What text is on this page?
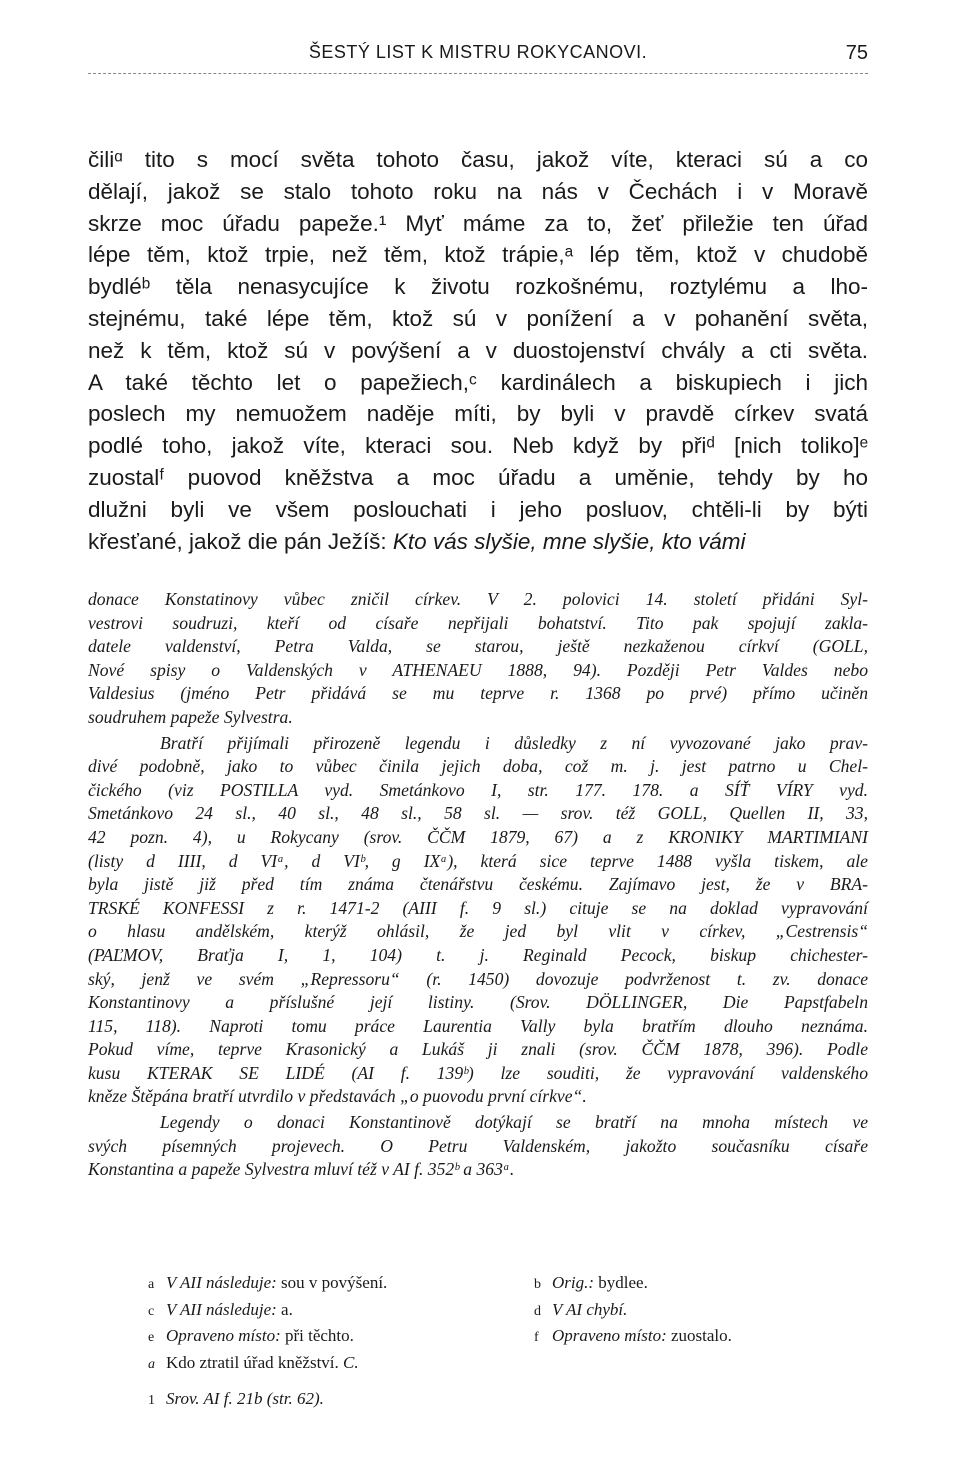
ŠESTÝ LIST K MISTRU ROKYCANOVI.	75
čiliᵅ tito s mocí světa tohoto času, jakož víte, kteraci sú a co
dělají, jakož se stalo tohoto roku na nás v Čechách i v Moravě
skrze moc úřadu papeže.¹ Myť máme za to, žeť přiležie ten úřad
lépe těm, ktož trpie, než těm, ktož trápie,ᵃ lép těm, ktož v chudobě
bydléᵇ těla nenasycujíce k životu rozkošnému, roztylému a lho-
stejnému, také lépe těm, ktož sú v ponížení a v pohanění světa,
než k těm, ktož sú v povýšení a v duostojenství chvály a cti světa.
A také těchto let o papežiech,ᶜ kardinálech a biskupiech i jich
poslech my nemuožem naděje míti, by byli v pravdě církev svatá
podlé toho, jakož víte, kteraci sou. Neb když by přiᵈ [nich toliko]ᵉ
zuostalᶠ puovod kněžstva a moc úřadu a uměnie, tehdy by ho
dlužni byli ve všem poslouchati i jeho posluov, chtěli-li by býti
křesťané, jakož die pán Ježíš: Kto vás slyšie, mne slyšie, kto vámi
donace Konstatinovy vůbec zničil církev. V 2. polovici 14. století přidáni Syl-
vestrovi soudruzi, kteří od císaře nepřijali bohatství. Tito pak spojují zakla-
datele valdenství, Petra Valda, se starou, ještě nezkaženou církví (GOLL,
Nové spisy o Valdenských v ATHENAEU 1888, 94). Později Petr Valdes nebo
Valdesius (jméno Petr přidává se mu teprve r. 1368 po prvé) přímo učiněn
soudruhem papeže Sylvestra.
Bratří přijímali přirozeně legendu i důsledky z ní vyvozované jako prav-
divé podobně, jako to vůbec činila jejich doba, což m. j. jest patrno u Chel-
čického (viz POSTILLA vyd. Smetánkovo I, str. 177. 178. a SÍŤ VÍRY vyd.
Smetánkovo 24 sl., 40 sl., 48 sl., 58 sl. — srov. též GOLL, Quellen II, 33,
42 pozn. 4), u Rokycany (srov. ČČM 1879, 67) a z KRONIKY MARTIMIANI
(listy d IIII, d VIᵃ, d VIᵇ, g IXᵃ), která sice teprve 1488 vyšla tiskem, ale
byla jistě již před tím známa čtenářstvu českému. Zajímavo jest, že v BRA-
TRSKÉ KONFESSI z r. 1471-2 (AIII f. 9 sl.) cituje se na doklad vypravování
o hlasu andělském, kterýž ohlásil, že jed byl vlit v církev, „Cestrensis“
(PAĽMOV, Braťja I, 1, 104) t. j. Reginald Pecock, biskup chichester-
ský, jenž ve svém „Repressoru“ (r. 1450) dovozuje podvrženost t. zv. donace
Konstantinovy a příslušné její listiny. (Srov. DÖLLINGER, Die Papstfabeln
115, 118). Naproti tomu práce Laurentia Vally byla bratřím dlouho neznáma.
Pokud víme, teprve Krasonický a Lukáš ji znali (srov. ČČM 1878, 396). Podle
kusu KTERAK SE LIDÉ (AI f. 139ᵇ) lze souditi, že vypravování valdenského
kněze Štěpána bratří utvrdilo v představách „o puovodu první církve“.
Legendy o donaci Konstantinově dotýkají se bratří na mnoha místech ve
svých písemných projevech. O Petru Valdenském, jakožto současníku císaře
Konstantina a papeže Sylvestra mluví též v AI f. 352ᵇ a 363ᵃ.
a V AII následuje: sou v povýšení.	b Orig.: bydlee.
c V AII následuje: a.	d V AI chybí.
e Opraveno místo: při těchto.	f Opraveno místo: zuostalo.
a Kdo ztratil úřad kněžství. C.
1 Srov. AI f. 21b (str. 62).
